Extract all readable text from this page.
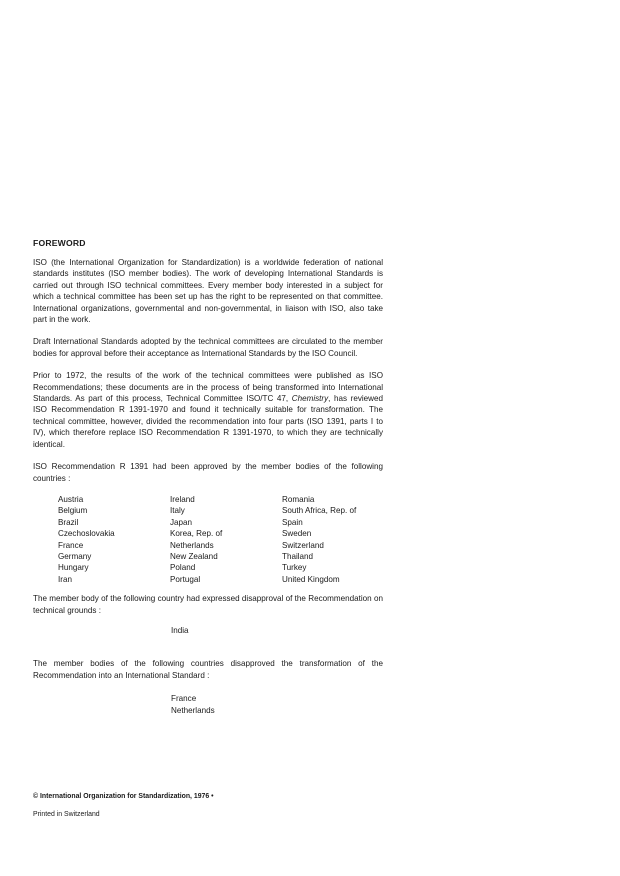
FOREWORD

ISO (the International Organization for Standardization) is a worldwide federation of national standards institutes (ISO member bodies). The work of developing International Standards is carried out through ISO technical committees. Every member body interested in a subject for which a technical committee has been set up has the right to be represented on that committee. International organizations, governmental and non-governmental, in liaison with ISO, also take part in the work.

Draft International Standards adopted by the technical committees are circulated to the member bodies for approval before their acceptance as International Standards by the ISO Council.

Prior to 1972, the results of the work of the technical committees were published as ISO Recommendations; these documents are in the process of being transformed into International Standards. As part of this process, Technical Committee ISO/TC 47, Chemistry, has reviewed ISO Recommendation R 1391-1970 and found it technically suitable for transformation. The technical committee, however, divided the recommendation into four parts (ISO 1391, parts I to IV), which therefore replace ISO Recommendation R 1391-1970, to which they are technically identical.

ISO Recommendation R 1391 had been approved by the member bodies of the following countries :

Austria
Belgium
Brazil
Czechoslovakia
France
Germany
Hungary
Iran
Ireland
Italy
Japan
Korea, Rep. of
Netherlands
New Zealand
Poland
Portugal
Romania
South Africa, Rep. of
Spain
Sweden
Switzerland
Thailand
Turkey
United Kingdom

The member body of the following country had expressed disapproval of the Recommendation on technical grounds :

India

The member bodies of the following countries disapproved the transformation of the Recommendation into an International Standard :

France
Netherlands
© International Organization for Standardization, 1976 •
Printed in Switzerland
